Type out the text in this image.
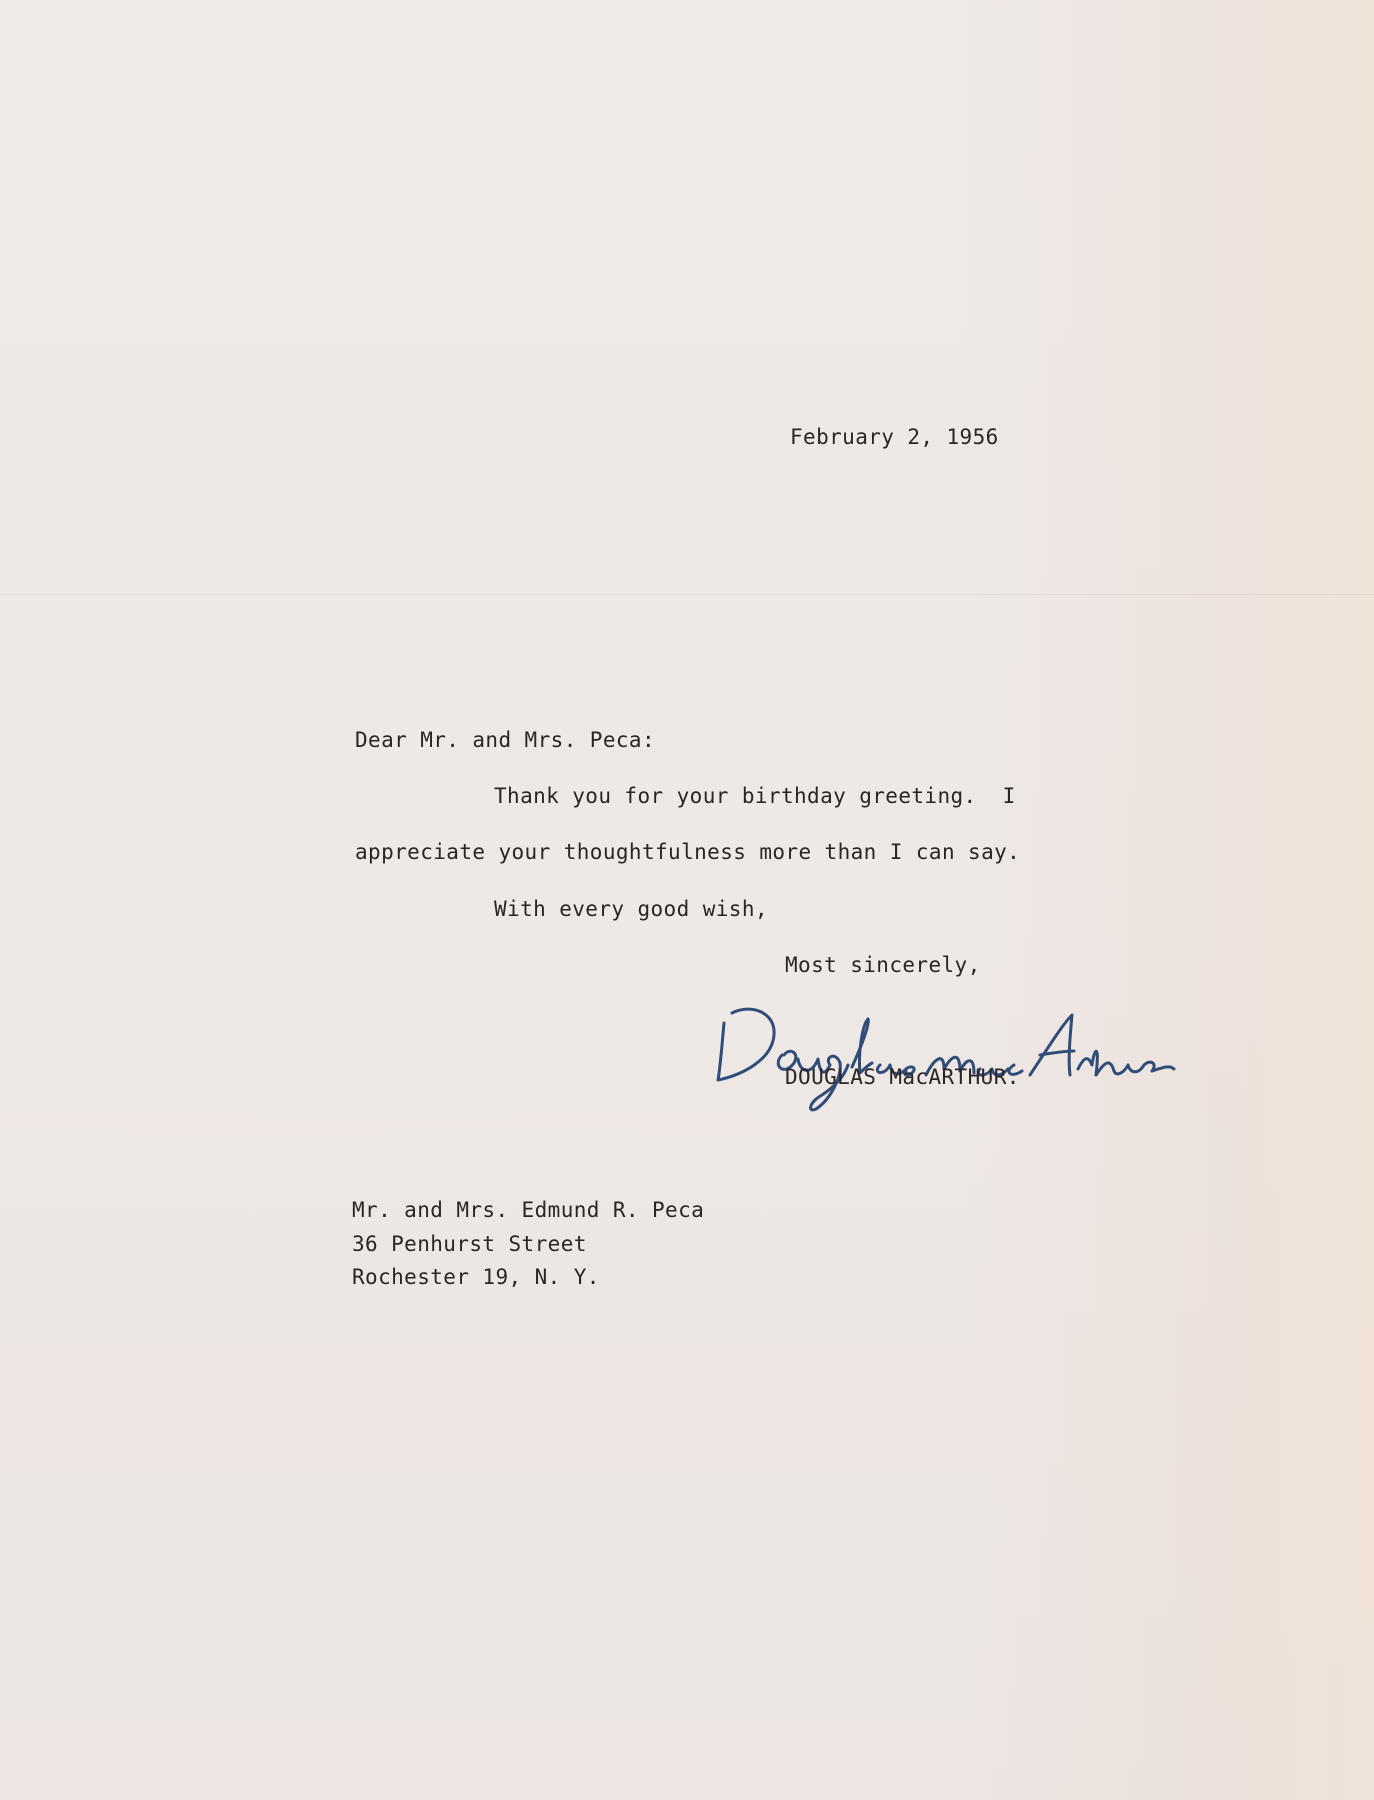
February 2, 1956
Dear Mr. and Mrs. Peca:
Thank you for your birthday greeting.  I
appreciate your thoughtfulness more than I can say.
With every good wish,
Most sincerely,
DOUGLAS MacARTHUR.
Mr. and Mrs. Edmund R. Peca
36 Penhurst Street
Rochester 19, N. Y.
